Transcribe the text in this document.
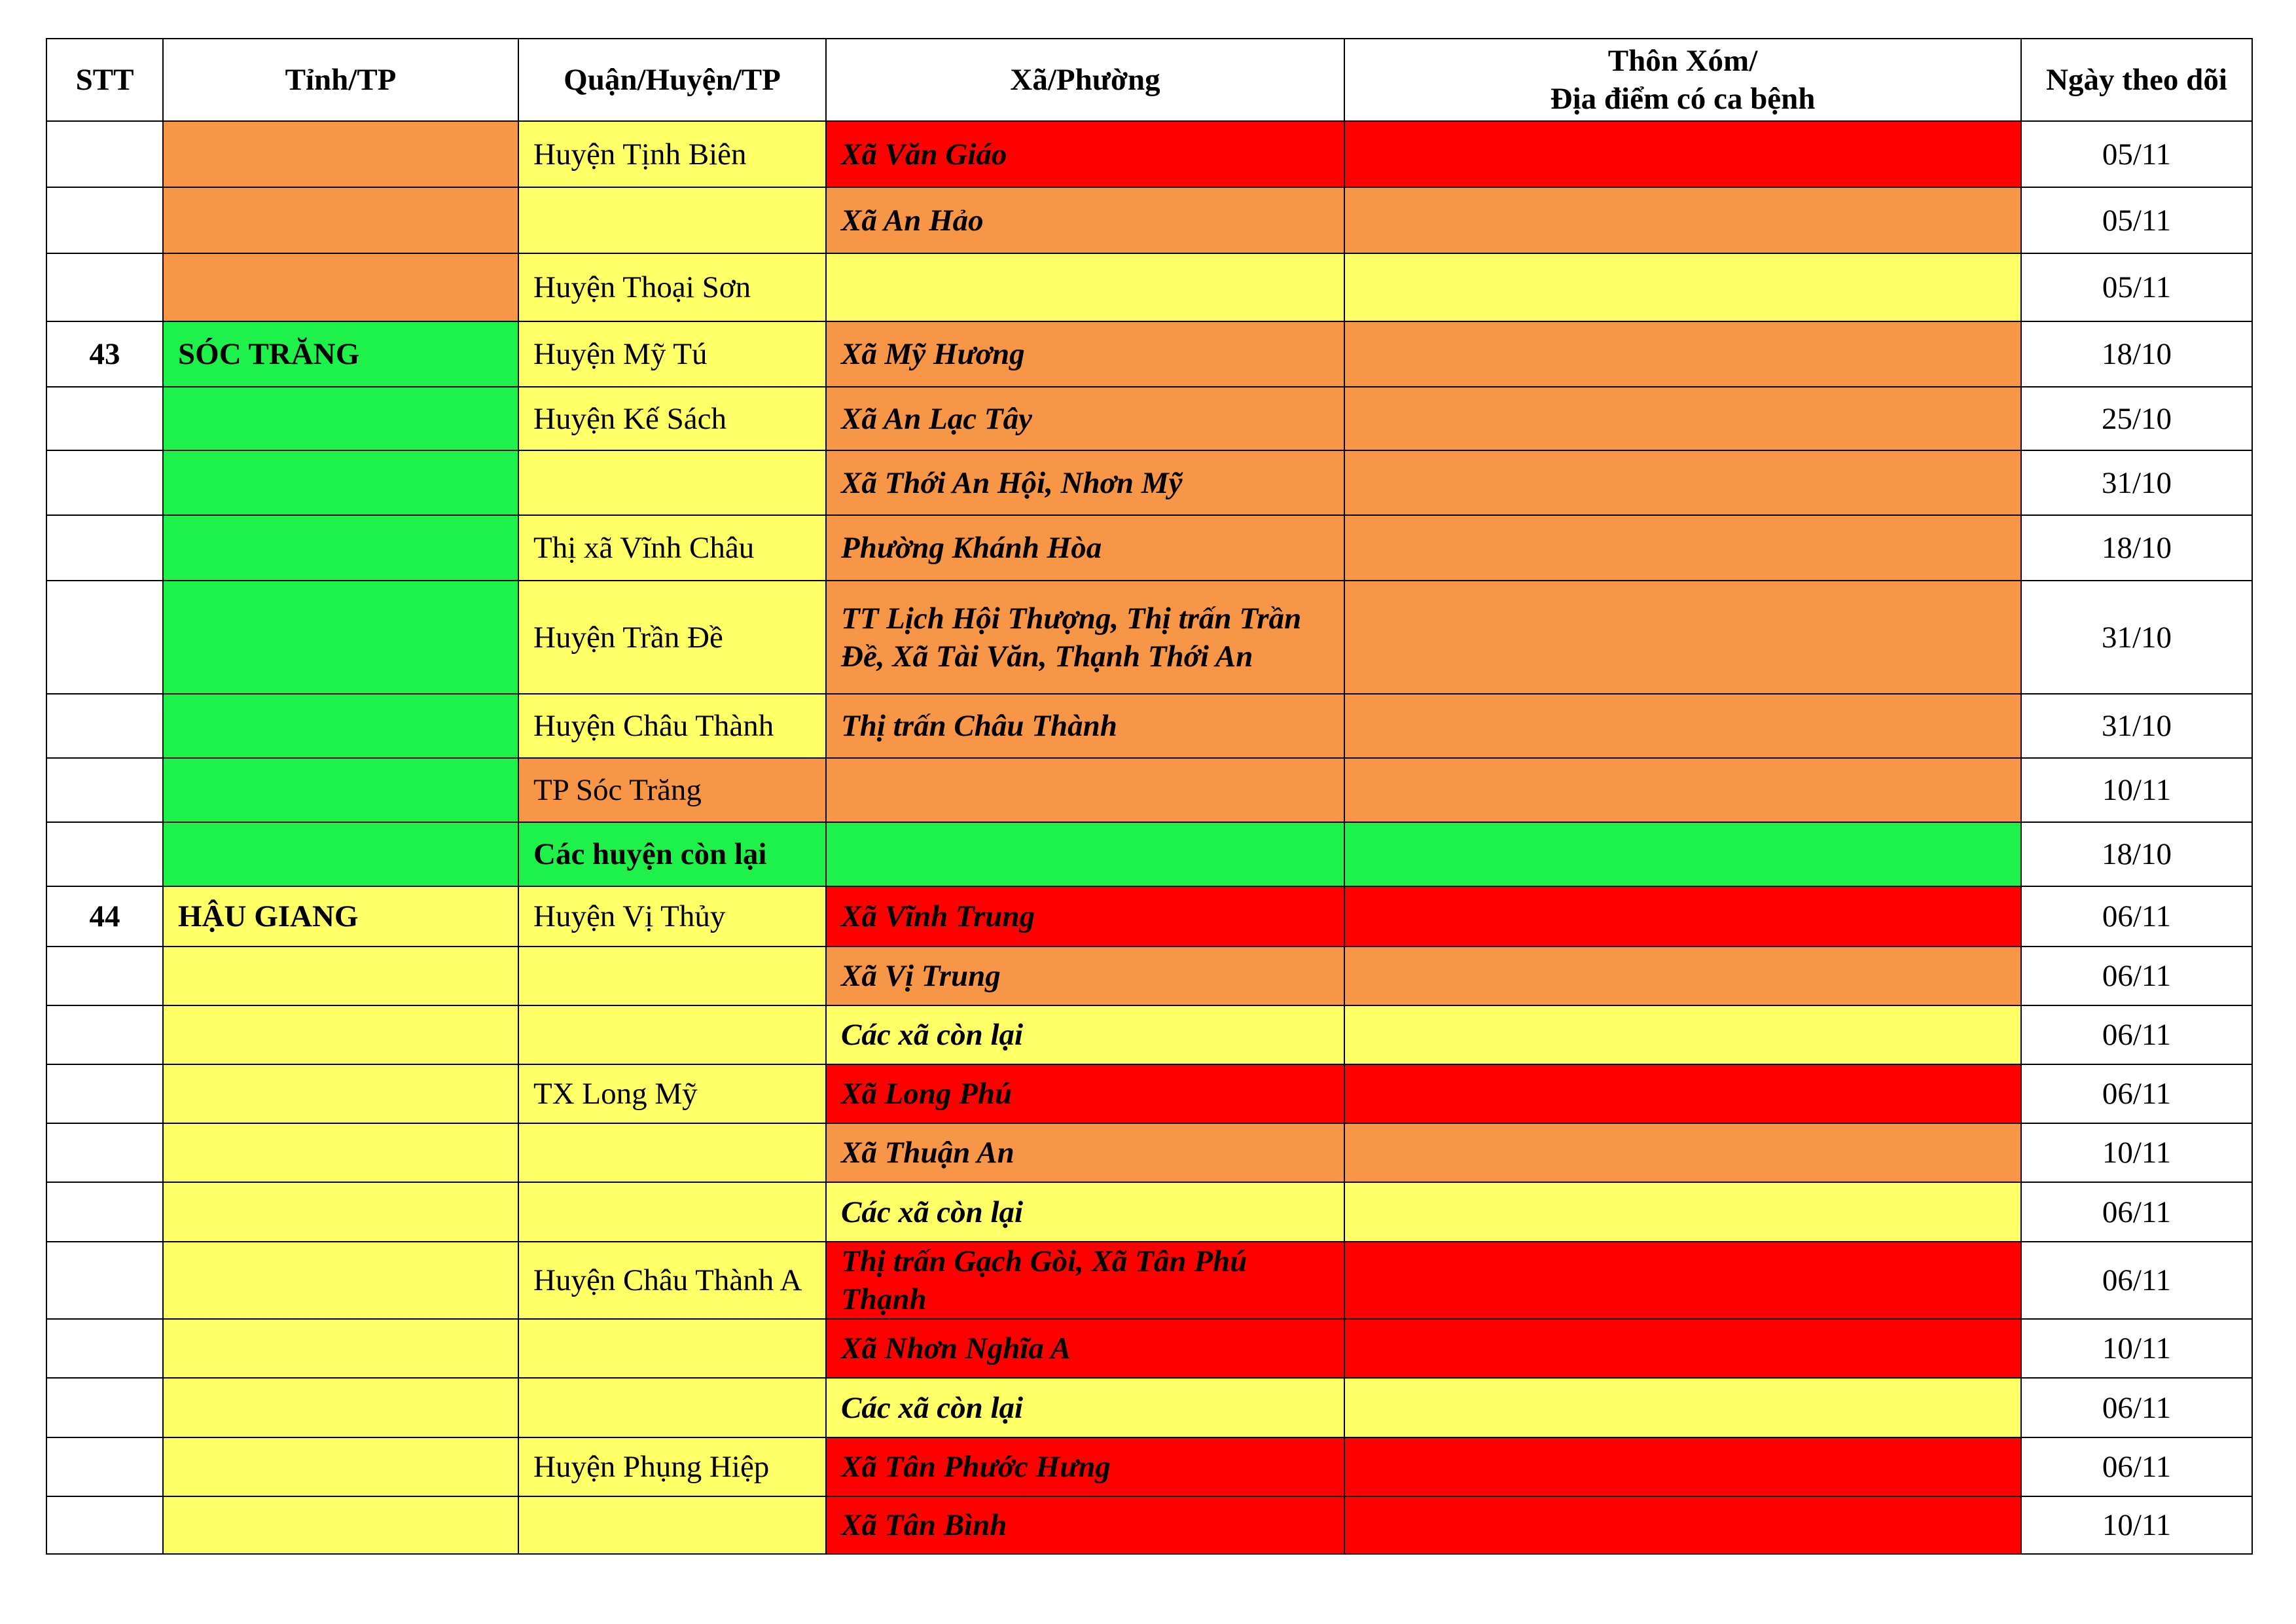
STT	Tỉnh/TP	Quận/Huyện/TP	Xã/Phường	Thôn Xóm/
Địa điểm có ca bệnh	Ngày theo dõi
		Huyện Tịnh Biên	Xã Văn Giáo		05/11
			Xã An Hảo		05/11
		Huyện Thoại Sơn			05/11
43	SÓC TRĂNG	Huyện Mỹ Tú	Xã Mỹ Hương		18/10
		Huyện Kế Sách	Xã An Lạc Tây		25/10
			Xã Thới An Hội, Nhơn Mỹ		31/10
		Thị xã Vĩnh Châu	Phường Khánh Hòa		18/10
		Huyện Trần Đề	TT Lịch Hội Thượng, Thị trấn Trần Đề, Xã Tài Văn, Thạnh Thới An		31/10
		Huyện Châu Thành	Thị trấn Châu Thành		31/10
		TP Sóc Trăng			10/11
		Các huyện còn lại			18/10
44	HẬU GIANG	Huyện Vị Thủy	Xã Vĩnh Trung		06/11
			Xã Vị Trung		06/11
			Các xã còn lại		06/11
		TX Long Mỹ	Xã Long Phú		06/11
			Xã Thuận An		10/11
			Các xã còn lại		06/11
		Huyện Châu Thành A	Thị trấn Gạch Gòi, Xã Tân Phú Thạnh		06/11
			Xã Nhơn Nghĩa A		10/11
			Các xã còn lại		06/11
		Huyện Phụng Hiệp	Xã Tân Phước Hưng		06/11
			Xã Tân Bình		10/11
